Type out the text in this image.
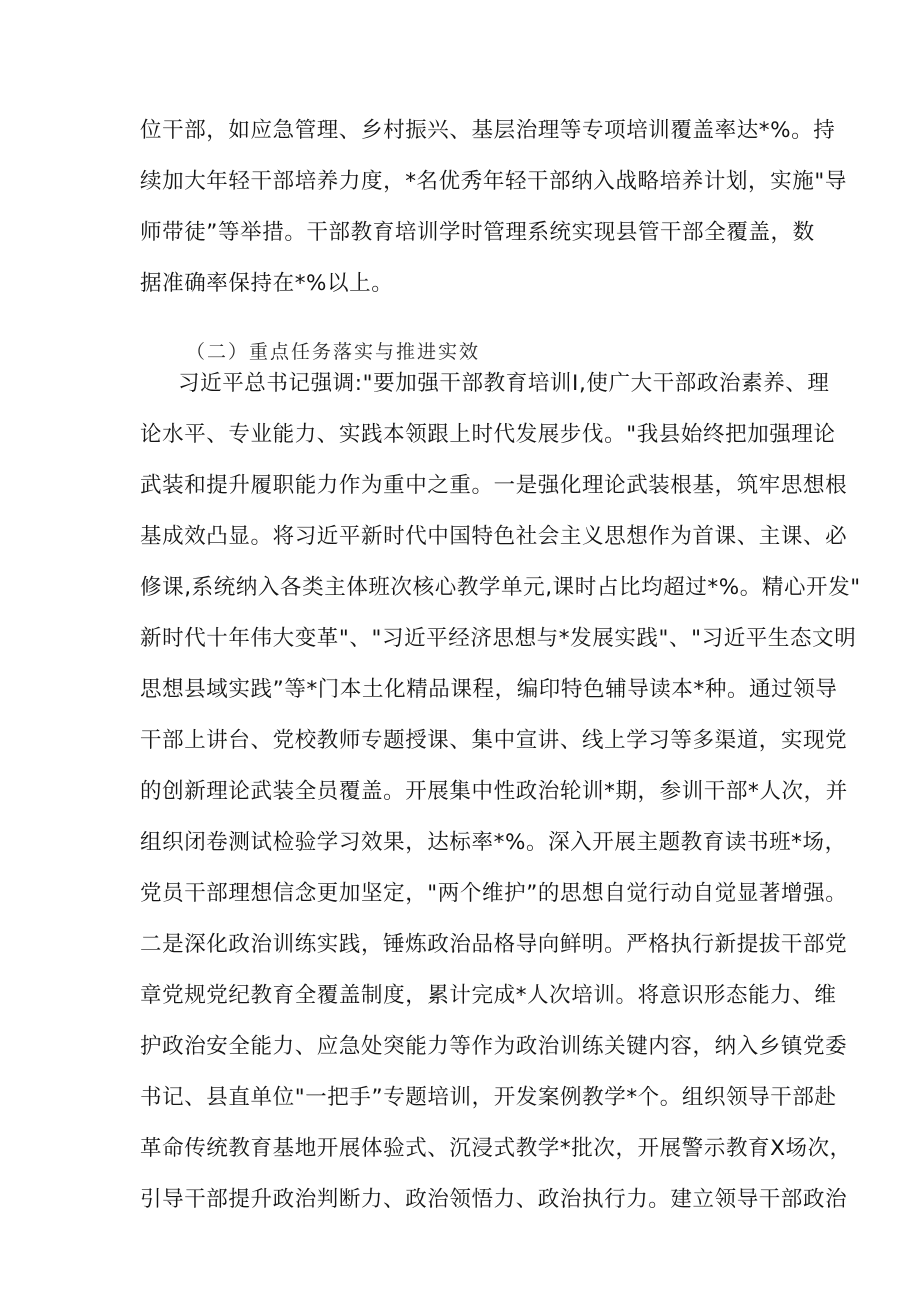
位干部，如应急管理、乡村振兴、基层治理等专项培训覆盖率达*%。持

续加大年轻干部培养力度，*名优秀年轻干部纳入战略培养计划，实施"导

师带徒”等举措。干部教育培训学时管理系统实现县管干部全覆盖，数

据准确率保持在*%以上。

（二）重点任务落实与推进实效

习近平总书记强调:"要加强干部教育培训I,使广大干部政治素养、理

论水平、专业能力、实践本领跟上时代发展步伐。"我县始终把加强理论

武装和提升履职能力作为重中之重。一是强化理论武装根基，筑牢思想根

基成效凸显。将习近平新时代中国特色社会主义思想作为首课、主课、必

修课,系统纳入各类主体班次核心教学单元,课时占比均超过*%。精心开发"

新时代十年伟大变革"、"习近平经济思想与*发展实践"、"习近平生态文明

思想县域实践”等*门本土化精品课程，编印特色辅导读本*种。通过领导

干部上讲台、党校教师专题授课、集中宣讲、线上学习等多渠道，实现党

的创新理论武装全员覆盖。开展集中性政治轮训*期，参训干部*人次，并

组织闭卷测试检验学习效果，达标率*%。深入开展主题教育读书班*场，

党员干部理想信念更加坚定，"两个维护”的思想自觉行动自觉显著增强。

二是深化政治训练实践，锤炼政治品格导向鲜明。严格执行新提拔干部党

章党规党纪教育全覆盖制度，累计完成*人次培训。将意识形态能力、维

护政治安全能力、应急处突能力等作为政治训练关键内容，纳入乡镇党委

书记、县直单位"一把手”专题培训，开发案例教学*个。组织领导干部赴

革命传统教育基地开展体验式、沉浸式教学*批次，开展警示教育X场次，

引导干部提升政治判断力、政治领悟力、政治执行力。建立领导干部政治
